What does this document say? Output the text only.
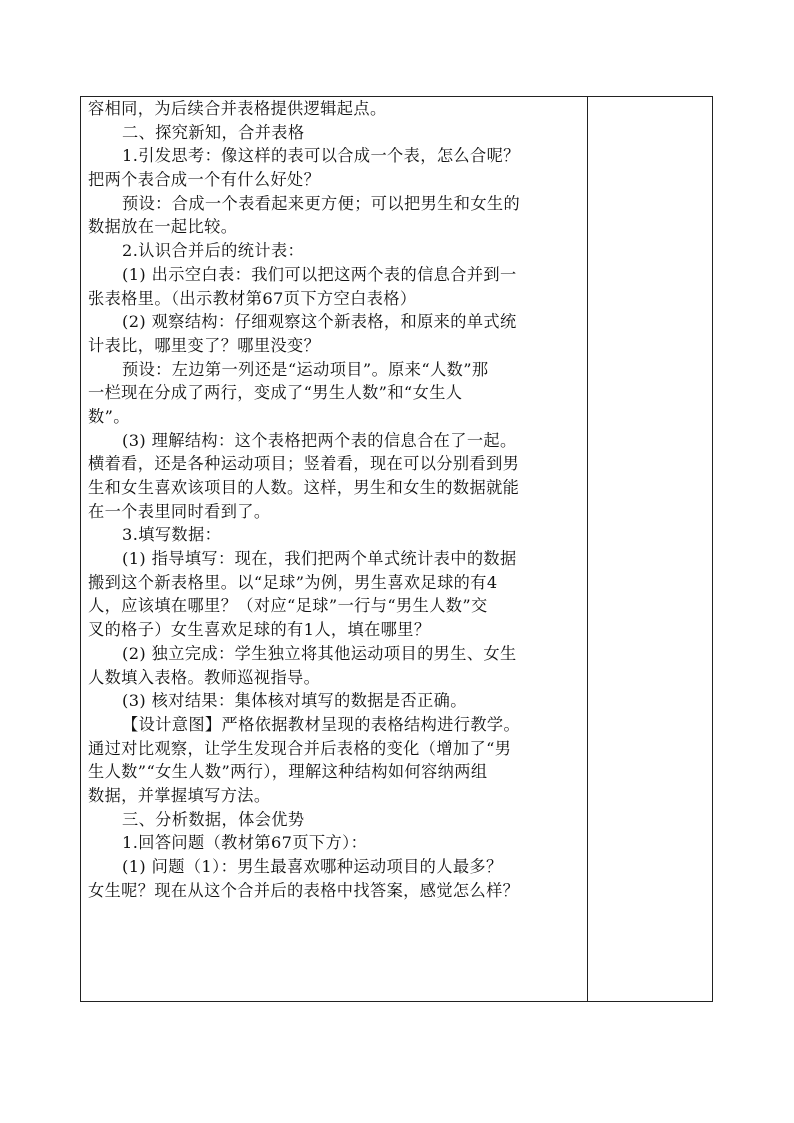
容相同，为后续合并表格提供逻辑起点。
二、探究新知，合并表格
1.引发思考：像这样的表可以合成一个表，怎么合呢？
把两个表合成一个有什么好处？
预设：合成一个表看起来更方便；可以把男生和女生的
数据放在一起比较。
2.认识合并后的统计表：
(1) 出示空白表：我们可以把这两个表的信息合并到一
张表格里。（出示教材第67页下方空白表格）
(2) 观察结构：仔细观察这个新表格，和原来的单式统
计表比，哪里变了？哪里没变？
预设：左边第一列还是“运动项目”。原来“人数”那
一栏现在分成了两行，变成了“男生人数”和“女生人
数”。
(3) 理解结构：这个表格把两个表的信息合在了一起。
横着看，还是各种运动项目；竖着看，现在可以分别看到男
生和女生喜欢该项目的人数。这样，男生和女生的数据就能
在一个表里同时看到了。
3.填写数据：
(1) 指导填写：现在，我们把两个单式统计表中的数据
搬到这个新表格里。以“足球”为例，男生喜欢足球的有4
人，应该填在哪里？（对应“足球”一行与“男生人数”交
叉的格子）女生喜欢足球的有1人，填在哪里？
(2) 独立完成：学生独立将其他运动项目的男生、女生
人数填入表格。教师巡视指导。
(3) 核对结果：集体核对填写的数据是否正确。
【设计意图】严格依据教材呈现的表格结构进行教学。
通过对比观察，让学生发现合并后表格的变化（增加了“男
生人数”“女生人数”两行），理解这种结构如何容纳两组
数据，并掌握填写方法。
三、分析数据，体会优势
1.回答问题（教材第67页下方）：
(1) 问题（1）：男生最喜欢哪种运动项目的人最多？
女生呢？现在从这个合并后的表格中找答案，感觉怎么样？
